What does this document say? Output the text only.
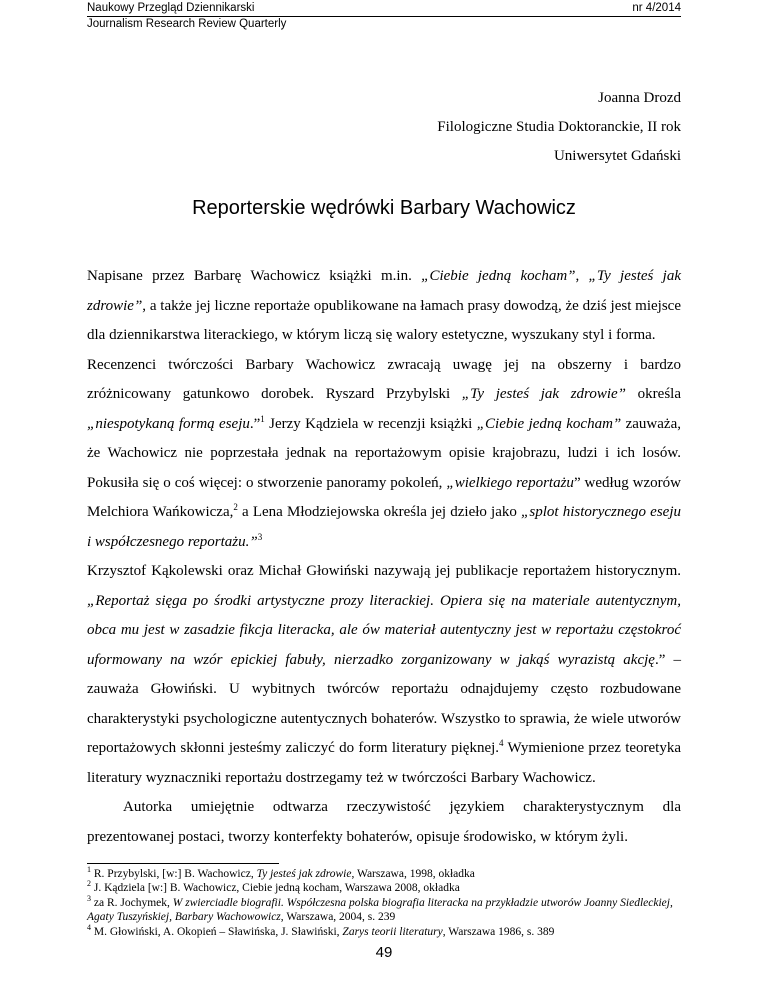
Naukowy Przegląd Dziennikarski	nr 4/2014
Journalism Research Review Quarterly
Joanna Drozd
Filologiczne Studia Doktoranckie, II rok
Uniwersytet Gdański
Reporterskie wędrówki Barbary Wachowicz

Napisane przez Barbarę Wachowicz książki m.in. „Ciebie jedną kocham”, „Ty jesteś jak zdrowie”, a także jej liczne reportaże opublikowane na łamach prasy dowodzą, że dziś jest miejsce dla dziennikarstwa literackiego, w którym liczą się walory estetyczne, wyszukany styl i forma.

Recenzenci twórczości Barbary Wachowicz zwracają uwagę jej na obszerny i bardzo zróżnicowany gatunkowo dorobek. Ryszard Przybylski „Ty jesteś jak zdrowie” określa „niespotykaną formą eseju.”$^1$ Jerzy Kądziela w recenzji książki „Ciebie jedną kocham” zauważa, że Wachowicz nie poprzestała jednak na reportażowym opisie krajobrazu, ludzi i ich losów. Pokusiła się o coś więcej: o stworzenie panoramy pokoleń, „wielkiego reportażu” według wzorów Melchiora Wańkowicza,$^2$ a Lena Młodziejowska określa jej dzieło jako „splot historycznego eseju i współczesnego reportażu.”$^3$

Krzysztof Kąkolewski oraz Michał Głowiński nazywają jej publikacje reportażem historycznym. „Reportaż sięga po środki artystyczne prozy literackiej. Opiera się na materiale autentycznym, obca mu jest w zasadzie fikcja literacka, ale ów materiał autentyczny jest w reportażu częstokroć uformowany na wzór epickiej fabuły, nierzadko zorganizowany w jakąś wyrazistą akcję.” – zauważa Głowiński. U wybitnych twórców reportażu odnajdujemy często rozbudowane charakterystyki psychologiczne autentycznych bohaterów. Wszystko to sprawia, że wiele utworów reportażowych skłonni jesteśmy zaliczyć do form literatury pięknej.$^4$ Wymienione przez teoretyka literatury wyznaczniki reportażu dostrzegamy też w twórczości Barbary Wachowicz.

Autorka umiejętnie odtwarza rzeczywistość językiem charakterystycznym dla prezentowanej postaci, tworzy konterfekty bohaterów, opisuje środowisko, w którym żyli.

$^1$ R. Przybylski, [w:] B. Wachowicz, Ty jesteś jak zdrowie, Warszawa, 1998, okładka

$^2$ J. Kądziela [w:] B. Wachowicz, Ciebie jedną kocham, Warszawa 2008, okładka

$^3$ za R. Jochymek, W zwierciadle biografii. Współczesna polska biografia literacka na przykładzie utworów Joanny Siedleckiej, Agaty Tuszyńskiej, Barbary Wachowowicz, Warszawa, 2004, s. 239

$^4$ M. Głowiński, A. Okopień – Sławińska, J. Sławiński, Zarys teorii literatury, Warszawa 1986, s. 389

49
